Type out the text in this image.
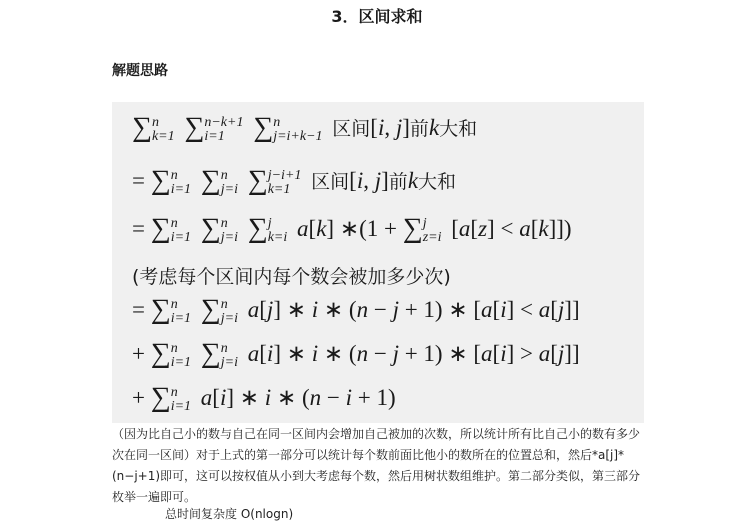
3．区间求和
解题思路
∑ n
k=1 ∑ n−k+1
i=1	∑ n
j=i+k−1 区间[i, j]前k大和
= ∑ n
i=1 ∑ n
j=i ∑ j−i+1
k=1	区间[i, j]前k大和
= ∑ n
i=1 ∑ n
j=i ∑ j
k=i a[k] ∗(1 + ∑ j
z=i [a[z] < a[k]])
(考虑每个区间内每个数会被加多少次)
= ∑ n
i=1 ∑ n
j=i a[j] ∗ i ∗ (n − j + 1) ∗ [a[i] < a[j]]
+ ∑ n
i=1 ∑ n
j=i a[i] ∗ i ∗ (n − j + 1) ∗ [a[i] > a[j]]
+ ∑ n
i=1 a[i] ∗ i ∗ (n − i + 1)
（因为比自己小的数与自己在同一区间内会增加自己被加的次数，所以统计所有比自己小的数有多少次在同一区间）对于上式的第一部分可以统计每个数前面比他小的数所在的位置总和，然后*a[j]*(n−j+1)即可，这可以按权值从小到大考虑每个数，然后用树状数组维护。第二部分类似，第三部分枚举一遍即可。
总时间复杂度 O(nlogn)
